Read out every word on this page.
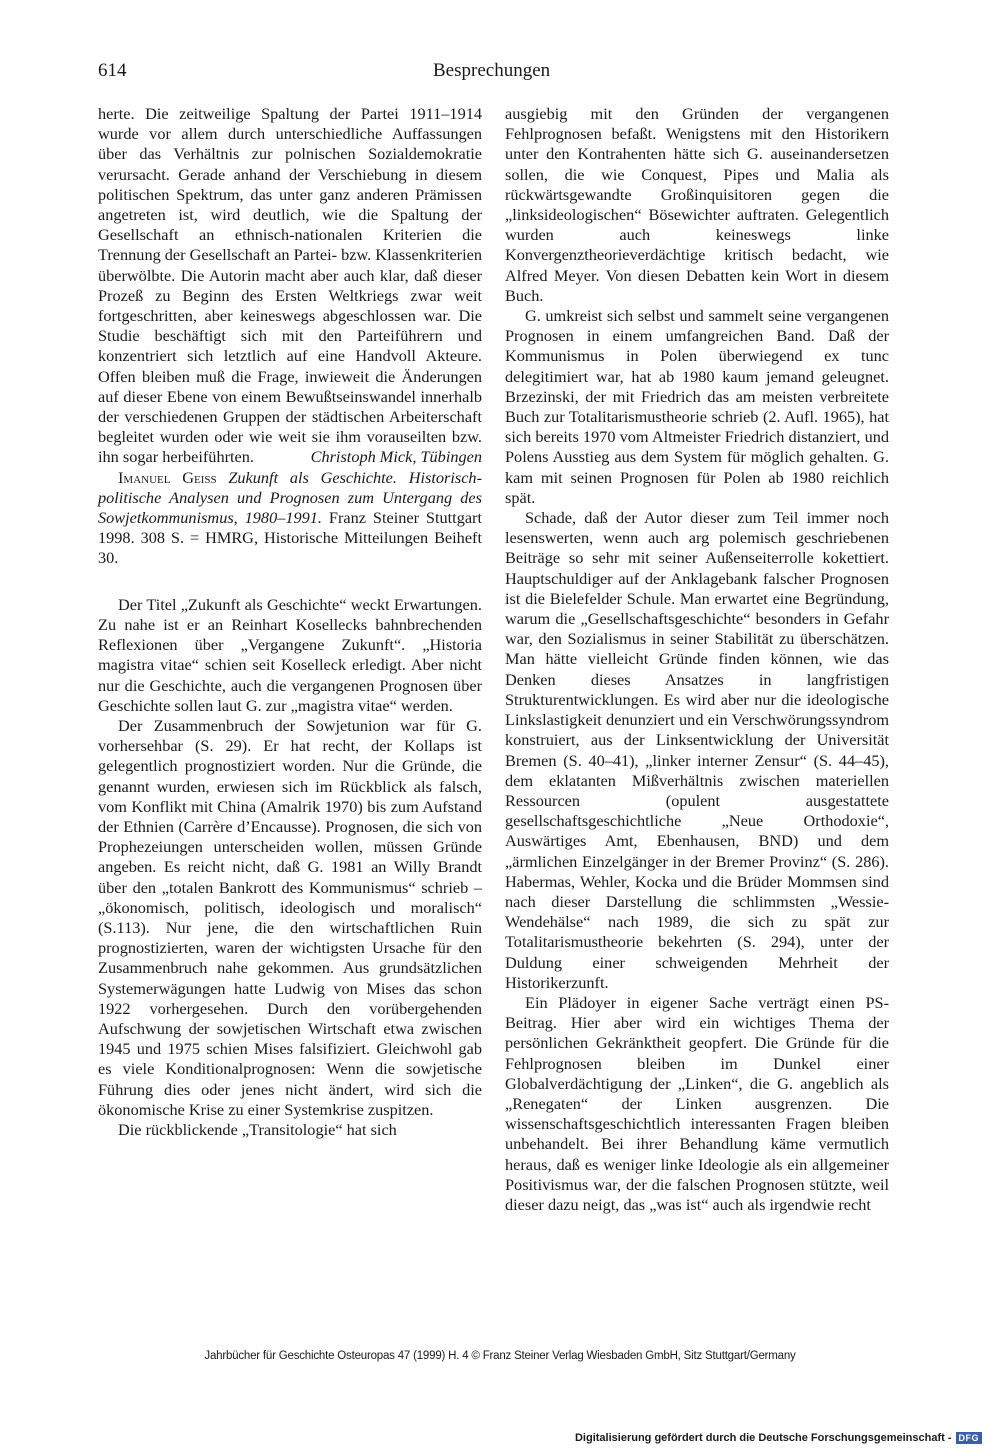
614	Besprechungen

herte. Die zeitweilige Spaltung der Partei 1911–1914 wurde vor allem durch unterschiedliche Auffassungen über das Verhältnis zur polnischen Sozialdemokratie verursacht. Gerade anhand der Verschiebung in diesem politischen Spektrum, das unter ganz anderen Prämissen angetreten ist, wird deutlich, wie die Spaltung der Gesellschaft an ethnisch-nationalen Kriterien die Trennung der Gesellschaft an Partei- bzw. Klassenkriterien überwölbte. Die Autorin macht aber auch klar, daß dieser Prozeß zu Beginn des Ersten Weltkriegs zwar weit fortgeschritten, aber keineswegs abgeschlossen war. Die Studie beschäftigt sich mit den Parteiführern und konzentriert sich letztlich auf eine Handvoll Akteure. Offen bleiben muß die Frage, inwieweit die Änderungen auf dieser Ebene von einem Bewußtseinswandel innerhalb der verschiedenen Gruppen der städtischen Arbeiterschaft begleitet wurden oder wie weit sie ihm vorauseilten bzw. ihn sogar herbeiführten.	Christoph Mick, Tübingen

Imanuel Geiss Zukunft als Geschichte. Historisch-politische Analysen und Prognosen zum Untergang des Sowjetkommunismus, 1980–1991. Franz Steiner Stuttgart 1998. 308 S. = HMRG, Historische Mitteilungen Beiheft 30.

Der Titel „Zukunft als Geschichte“ weckt Erwartungen. Zu nahe ist er an Reinhart Kosellecks bahnbrechenden Reflexionen über „Vergangene Zukunft“. „Historia magistra vitae“ schien seit Koselleck erledigt. Aber nicht nur die Geschichte, auch die vergangenen Prognosen über Geschichte sollen laut G. zur „magistra vitae“ werden.

Der Zusammenbruch der Sowjetunion war für G. vorhersehbar (S. 29). Er hat recht, der Kollaps ist gelegentlich prognostiziert worden. Nur die Gründe, die genannt wurden, erwiesen sich im Rückblick als falsch, vom Konflikt mit China (Amalrik 1970) bis zum Aufstand der Ethnien (Carrère d’Encausse). Prognosen, die sich von Prophezeiungen unterscheiden wollen, müssen Gründe angeben. Es reicht nicht, daß G. 1981 an Willy Brandt über den „totalen Bankrott des Kommunismus“ schrieb – „ökonomisch, politisch, ideologisch und moralisch“ (S.113). Nur jene, die den wirtschaftlichen Ruin prognostizierten, waren der wichtigsten Ursache für den Zusammenbruch nahe gekommen. Aus grundsätzlichen Systemerwägungen hatte Ludwig von Mises das schon 1922 vorhergesehen. Durch den vorübergehenden Aufschwung der sowjetischen Wirtschaft etwa zwischen 1945 und 1975 schien Mises falsifiziert. Gleichwohl gab es viele Konditionalprognosen: Wenn die sowjetische Führung dies oder jenes nicht ändert, wird sich die ökonomische Krise zu einer Systemkrise zuspitzen.

Die rückblickende „Transitologie“ hat sich

ausgiebig mit den Gründen der vergangenen Fehlprognosen befaßt. Wenigstens mit den Historikern unter den Kontrahenten hätte sich G. auseinandersetzen sollen, die wie Conquest, Pipes und Malia als rückwärtsgewandte Großinquisitoren gegen die „linksideologischen“ Bösewichter auftraten. Gelegentlich wurden auch keineswegs linke Konvergenztheorieverdächtige kritisch bedacht, wie Alfred Meyer. Von diesen Debatten kein Wort in diesem Buch.

G. umkreist sich selbst und sammelt seine vergangenen Prognosen in einem umfangreichen Band. Daß der Kommunismus in Polen überwiegend ex tunc delegitimiert war, hat ab 1980 kaum jemand geleugnet. Brzezinski, der mit Friedrich das am meisten verbreitete Buch zur Totalitarismustheorie schrieb (2. Aufl. 1965), hat sich bereits 1970 vom Altmeister Friedrich distanziert, und Polens Ausstieg aus dem System für möglich gehalten. G. kam mit seinen Prognosen für Polen ab 1980 reichlich spät.

Schade, daß der Autor dieser zum Teil immer noch lesenswerten, wenn auch arg polemisch geschriebenen Beiträge so sehr mit seiner Außenseiterrolle kokettiert. Hauptschuldiger auf der Anklagebank falscher Prognosen ist die Bielefelder Schule. Man erwartet eine Begründung, warum die „Gesellschaftsgeschichte“ besonders in Gefahr war, den Sozialismus in seiner Stabilität zu überschätzen. Man hätte vielleicht Gründe finden können, wie das Denken dieses Ansatzes in langfristigen Strukturentwicklungen. Es wird aber nur die ideologische Linkslastigkeit denunziert und ein Verschwörungssyndrom konstruiert, aus der Linksentwicklung der Universität Bremen (S. 40–41), „linker interner Zensur“ (S. 44–45), dem eklatanten Mißverhältnis zwischen materiellen Ressourcen (opulent ausgestattete gesellschaftsgeschichtliche „Neue Orthodoxie“, Auswärtiges Amt, Ebenhausen, BND) und dem „ärmlichen Einzelgänger in der Bremer Provinz“ (S. 286). Habermas, Wehler, Kocka und die Brüder Mommsen sind nach dieser Darstellung die schlimmsten „Wessie-Wendehälse“ nach 1989, die sich zu spät zur Totalitarismustheorie bekehrten (S. 294), unter der Duldung einer schweigenden Mehrheit der Historikerzunft.

Ein Plädoyer in eigener Sache verträgt einen PS-Beitrag. Hier aber wird ein wichtiges Thema der persönlichen Gekränktheit geopfert. Die Gründe für die Fehlprognosen bleiben im Dunkel einer Globalverdächtigung der „Linken“, die G. angeblich als „Renegaten“ der Linken ausgrenzen. Die wissenschaftsgeschichtlich interessanten Fragen bleiben unbehandelt. Bei ihrer Behandlung käme vermutlich heraus, daß es weniger linke Ideologie als ein allgemeiner Positivismus war, der die falschen Prognosen stützte, weil dieser dazu neigt, das „was ist“ auch als irgendwie recht

Jahrbücher für Geschichte Osteuropas 47 (1999) H. 4 © Franz Steiner Verlag Wiesbaden GmbH, Sitz Stuttgart/Germany
Digitalisierung gefördert durch die Deutsche Forschungsgemeinschaft - DFG
